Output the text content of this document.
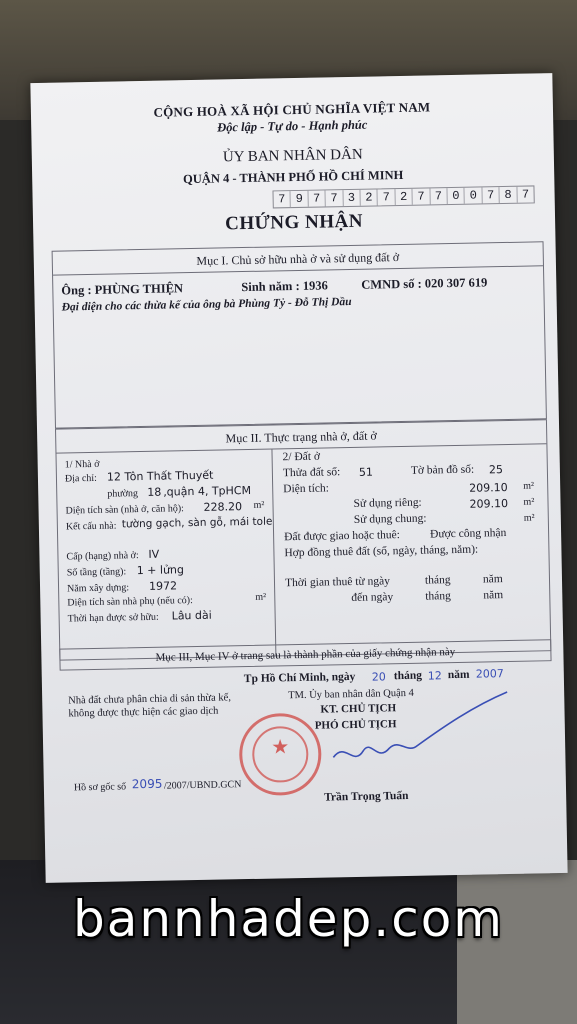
CỘNG HOÀ XÃ HỘI CHỦ NGHĨA VIỆT NAM
Độc lập - Tự do - Hạnh phúc
ỦY BAN NHÂN DÂN
QUẬN 4 - THÀNH PHỐ HỒ CHÍ MINH
7 9 7 7 3 2 7 2 7 7 0 0 7 8 7
CHỨNG NHẬN
Mục I. Chủ sở hữu nhà ở và sử dụng đất ở
Ông : PHÙNG THIỆN	Sinh năm : 1936	CMND số : 020 307 619
Đại diện cho các thừa kế của ông bà Phùng Tỷ - Đỗ Thị Dầu
Mục II. Thực trạng nhà ở, đất ở
1/ Nhà ở
Địa chỉ: 12 Tôn Thất Thuyết
phường 18 ,quận 4, TpHCM
Diện tích sàn (nhà ở, căn hộ): 228.20 m²
Kết cấu nhà: tường gạch, sàn gỗ, mái tole
Cấp (hạng) nhà ở: IV
Số tầng (tầng): 1 + lửng
Năm xây dựng: 1972
Diện tích sàn nhà phụ (nếu có):	m²
Thời hạn được sở hữu: Lâu dài
2/ Đất ở
Thửa đất số: 51	Tờ bản đồ số: 25
Diện tích:	209.10 m²
Sử dụng riêng:	209.10 m²
Sử dụng chung:	m²
Đất được giao hoặc thuê:	Được công nhận
Hợp đồng thuê đất (số, ngày, tháng, năm):
Thời gian thuê từ ngày	tháng	năm
đến ngày	tháng	năm
Mục III, Mục IV ở trang sau là thành phần của giấy chứng nhận này
Tp Hồ Chí Minh, ngày 20 tháng 12 năm 2007
Nhà đất chưa phân chia di sản thừa kế, không được thực hiện các giao dịch
TM. Ủy ban nhân dân Quận 4
KT. CHỦ TỊCH
PHÓ CHỦ TỊCH
★
Trần Trọng Tuấn
Hồ sơ gốc số 2095 /2007/UBND.GCN
bannhadep.com
